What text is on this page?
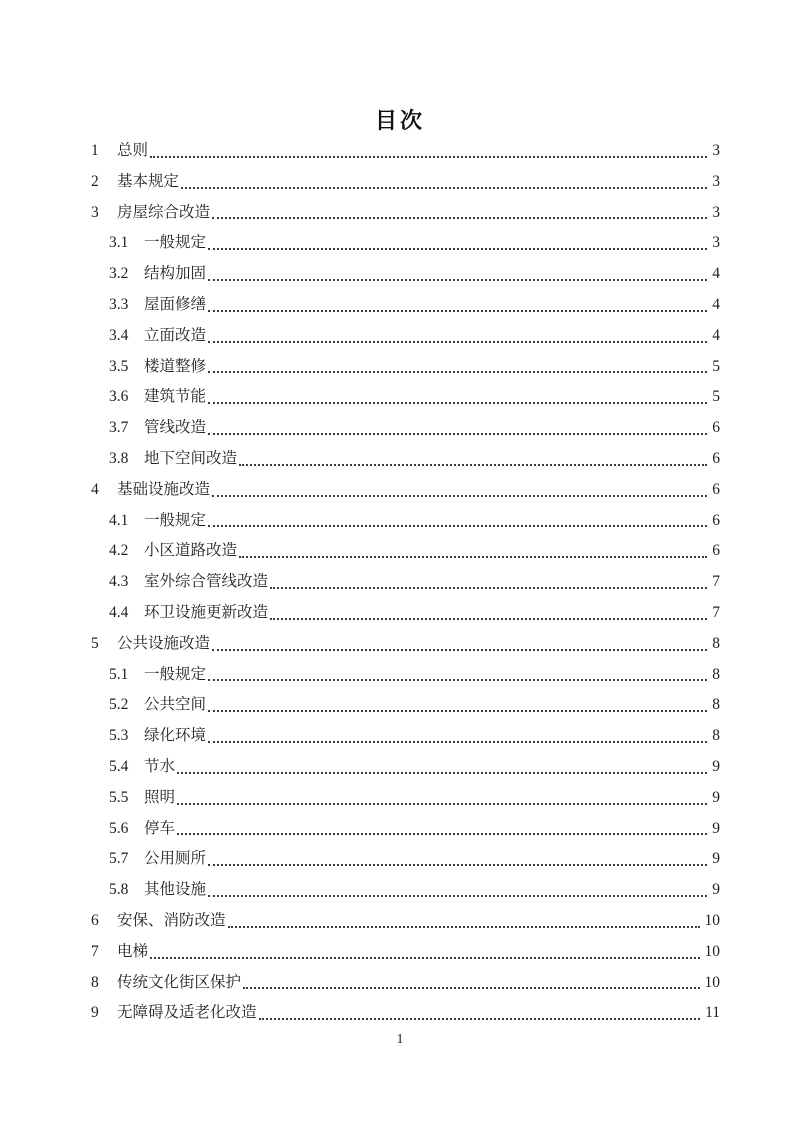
目次
1	总则	3
2	基本规定	3
3	房屋综合改造	3
3.1	一般规定	3
3.2	结构加固	4
3.3	屋面修缮	4
3.4	立面改造	4
3.5	楼道整修	5
3.6	建筑节能	5
3.7	管线改造	6
3.8	地下空间改造	6
4	基础设施改造	6
4.1	一般规定	6
4.2	小区道路改造	6
4.3	室外综合管线改造	7
4.4	环卫设施更新改造	7
5	公共设施改造	8
5.1	一般规定	8
5.2	公共空间	8
5.3	绿化环境	8
5.4	节水	9
5.5	照明	9
5.6	停车	9
5.7	公用厕所	9
5.8	其他设施	9
6	安保、消防改造	10
7	电梯	10
8	传统文化街区保护	10
9	无障碍及适老化改造	11
1
